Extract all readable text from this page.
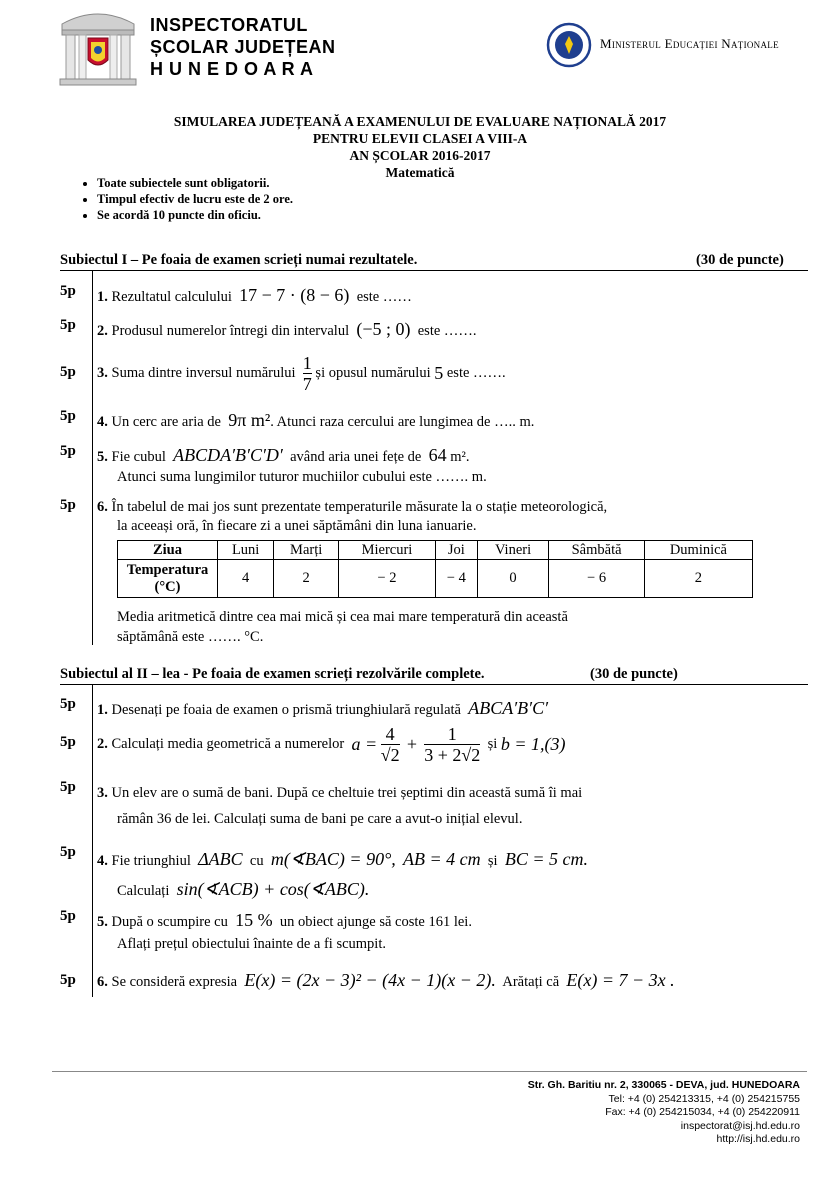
INSPECTORATUL
ȘCOLAR JUDEȚEAN
H U N E D O A R A
Ministerul Educației Naționale
SIMULAREA JUDEȚEANĂ A EXAMENULUI DE EVALUARE NAȚIONALĂ 2017
PENTRU ELEVII CLASEI A VIII-A
AN ȘCOLAR 2016-2017
Matematică
• Toate subiectele sunt obligatorii.
• Timpul efectiv de lucru este de 2 ore.
• Se acordă 10 puncte din oficiu.
Subiectul I – Pe foaia de examen scrieți numai rezultatele.	(30 de puncte)
5p 1. Rezultatul calculului 17 − 7 · (8 − 6) este ……
5p 2. Produsul numerelor întregi din intervalul (−5 ; 0) este …….
5p 3.
Suma dintre inversul numărului
$\frac{1}{7}$
și opusul numărului
5
este …….
5p 4. Un cerc are aria de 9π m². Atunci raza cercului are lungimea de ….. m.
5p 5. Fie cubul ABCDA′B′C′D′ având aria unei fețe de 64 m².
Atunci suma lungimilor tuturor muchiilor cubului este ……. m.
5p 6. În tabelul de mai jos sunt prezentate temperaturile măsurate la o stație meteorologică,
la aceeași oră, în fiecare zi a unei săptămâni din luna ianuarie.
Ziua	Luni	Marți	Miercuri	Joi	Vineri	Sâmbătă	Duminică

Temperatura
(°C)	4	2	− 2	− 4	0	− 6	2
Media aritmetică dintre cea mai mică și cea mai mare temperatură din această
săptămână este ……. °C.
Subiectul al II – lea - Pe foaia de examen scrieți rezolvările complete.	(30 de puncte)
5p 1. Desenați pe foaia de examen o prismă triunghiulară regulată ABCA′B′C′
5p 2.
Calculați media geometrică a numerelor
a =
$\frac{4}{√2}$
+
$\frac{1}{3 + 2√2}$
și
b = 1,(3)
5p 3. Un elev are o sumă de bani. După ce cheltuie trei șeptimi din această sumă îi mai
rămân 36 de lei. Calculați suma de bani pe care a avut-o inițial elevul.
5p
4. Fie triunghiul ΔABC cu m(∢BAC) = 90°, AB = 4 cm și BC = 5 cm.
Calculați sin(∢ACB) + cos(∢ABC).
5p 5. După o scumpire cu 15 % un obiect ajunge să coste 161 lei.
Aflați prețul obiectului înainte de a fi scumpit.
5p 6. Se consideră expresia E(x) = (2x − 3)² − (4x − 1)(x − 2). Arătați că E(x) = 7 − 3x .
Str. Gh. Baritiu nr. 2, 330065 - DEVA, jud. HUNEDOARA
Tel: +4 (0) 254213315, +4 (0) 254215755
Fax: +4 (0) 254215034, +4 (0) 254220911
inspectorat@isj.hd.edu.ro
http://isj.hd.edu.ro
